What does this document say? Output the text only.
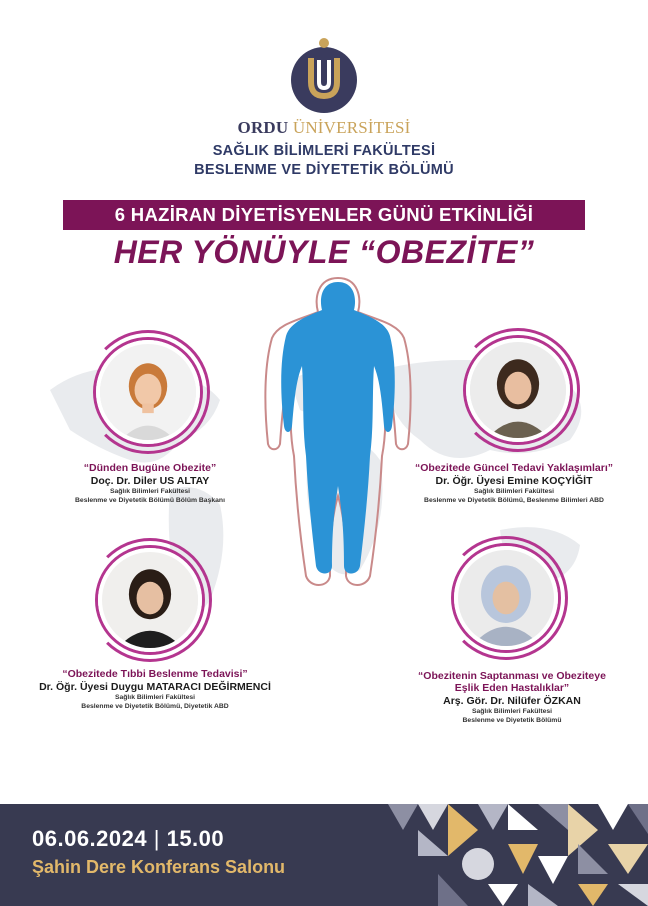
ORDU ÜNİVERSİTESİ
SAĞLIK BİLİMLERİ FAKÜLTESİ
BESLENME VE DİYETETİK BÖLÜMÜ
6 HAZİRAN DİYETİSYENLER GÜNÜ ETKİNLİĞİ
HER YÖNÜYLE “OBEZİTE”
“Dünden Bugüne Obezite”
Doç. Dr. Diler US ALTAY
Sağlık Bilimleri Fakültesi
Beslenme ve Diyetetik Bölümü Bölüm Başkanı
“Obezitede Güncel Tedavi Yaklaşımları”
Dr. Öğr. Üyesi Emine KOÇYİĞİT
Sağlık Bilimleri Fakültesi
Beslenme ve Diyetetik Bölümü, Beslenme Bilimleri ABD
“Obezitede Tıbbi Beslenme Tedavisi”
Dr. Öğr. Üyesi Duygu MATARACI DEĞİRMENCİ
Sağlık Bilimleri Fakültesi
Beslenme ve Diyetetik Bölümü, Diyetetik ABD
“Obezitenin Saptanması ve Obeziteye
Eşlik Eden Hastalıklar”
Arş. Gör. Dr. Nilüfer ÖZKAN
Sağlık Bilimleri Fakültesi
Beslenme ve Diyetetik Bölümü
06.06.2024 | 15.00
Şahin Dere Konferans Salonu
